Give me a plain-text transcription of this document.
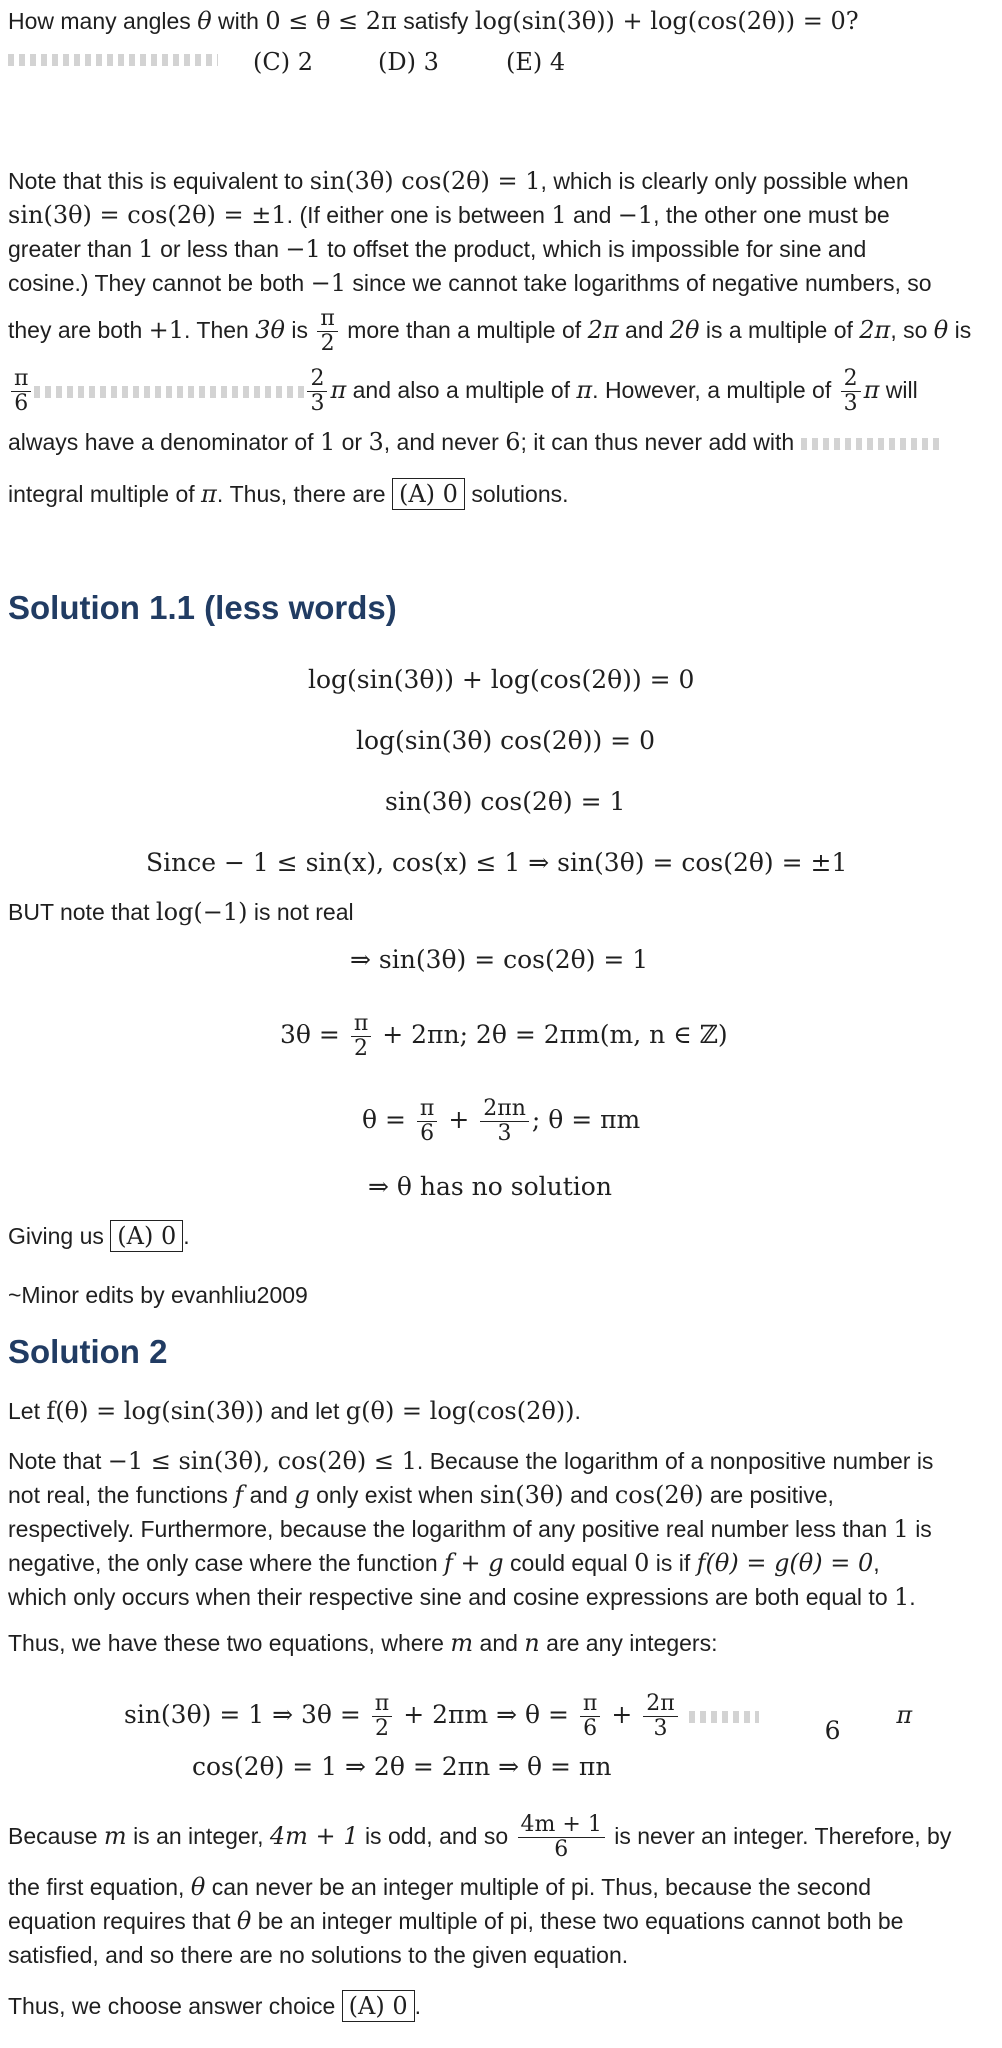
How many angles θ with 0 ≤ θ ≤ 2π satisfy log(sin(3θ)) + log(cos(2θ)) = 0?
(C) 2	(D) 3	(E) 4
Note that this is equivalent to sin(3θ) cos(2θ) = 1, which is clearly only possible when
sin(3θ) = cos(2θ) = ±1. (If either one is between 1 and −1, the other one must be
greater than 1 or less than −1 to offset the product, which is impossible for sine and
cosine.) They cannot be both −1 since we cannot take logarithms of negative numbers, so
they are both +1. Then 3θ is $\frac{\pi}{2}$ more than a multiple of 2π and 2θ is a multiple of 2π, so θ is
$\frac{\pi}{6}$	$\frac{2}{3}$ π and also a multiple of π. However, a multiple of $\frac{2}{3}$ π will
always have a denominator of 1 or 3, and never 6; it can thus never add with
integral multiple of π. Thus, there are (A) 0 solutions.
Solution 1.1 (less words)
log(sin(3θ)) + log(cos(2θ)) = 0
log(sin(3θ) cos(2θ)) = 0
sin(3θ) cos(2θ) = 1
Since − 1 ≤ sin(x), cos(x) ≤ 1 ⇒ sin(3θ) = cos(2θ) = ±1
BUT note that log(−1) is not real
⇒ sin(3θ) = cos(2θ) = 1
$3\theta = \frac{\pi}{2} + 2\pi n$; 2θ = 2πm(m, n ∈ ℤ)
$\theta = \frac{\pi}{6} + \frac{2\pi n}{3}$ ; θ = πm
⇒ θ has no solution
Giving us (A) 0 .
~Minor edits by evanhliu2009
Solution 2
Let f(θ) = log(sin(3θ)) and let g(θ) = log(cos(2θ)).
Note that −1 ≤ sin(3θ), cos(2θ) ≤ 1. Because the logarithm of a nonpositive number is
not real, the functions f and g only exist when sin(3θ) and cos(2θ) are positive,
respectively. Furthermore, because the logarithm of any positive real number less than 1 is
negative, the only case where the function f + g could equal 0 is if f(θ) = g(θ) = 0,
which only occurs when their respective sine and cosine expressions are both equal to 1.
Thus, we have these two equations, where m and n are any integers:
sin(3θ) = 1 ⇒ $3\theta = \frac{\pi}{2} + 2\pi m$ ⇒ $\theta = \frac{\pi}{6} + \frac{2\pi}{3}$	6  π
cos(2θ) = 1 ⇒ 2θ = 2πn ⇒ θ = πn
Because m is an integer, 4m + 1 is odd, and so $\frac{4m + 1}{6}$ is never an integer. Therefore, by
the first equation, θ can never be an integer multiple of pi. Thus, because the second
equation requires that θ be an integer multiple of pi, these two equations cannot both be
satisfied, and so there are no solutions to the given equation.
Thus, we choose answer choice (A) 0 .
